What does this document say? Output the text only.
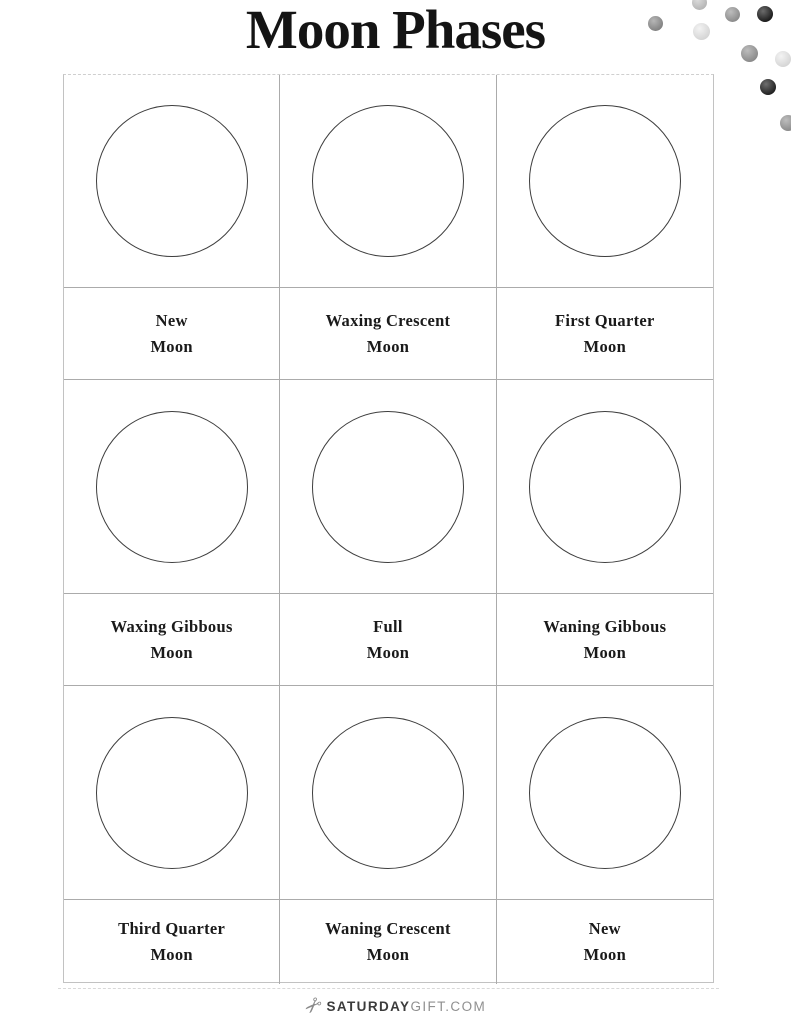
Moon Phases
New
Moon
Waxing Crescent
Moon
First Quarter
Moon
Waxing Gibbous
Moon
Full
Moon
Waning Gibbous
Moon
Third Quarter
Moon
Waning Crescent
Moon
New
Moon
✂
SATURDAY GIFT.COM
